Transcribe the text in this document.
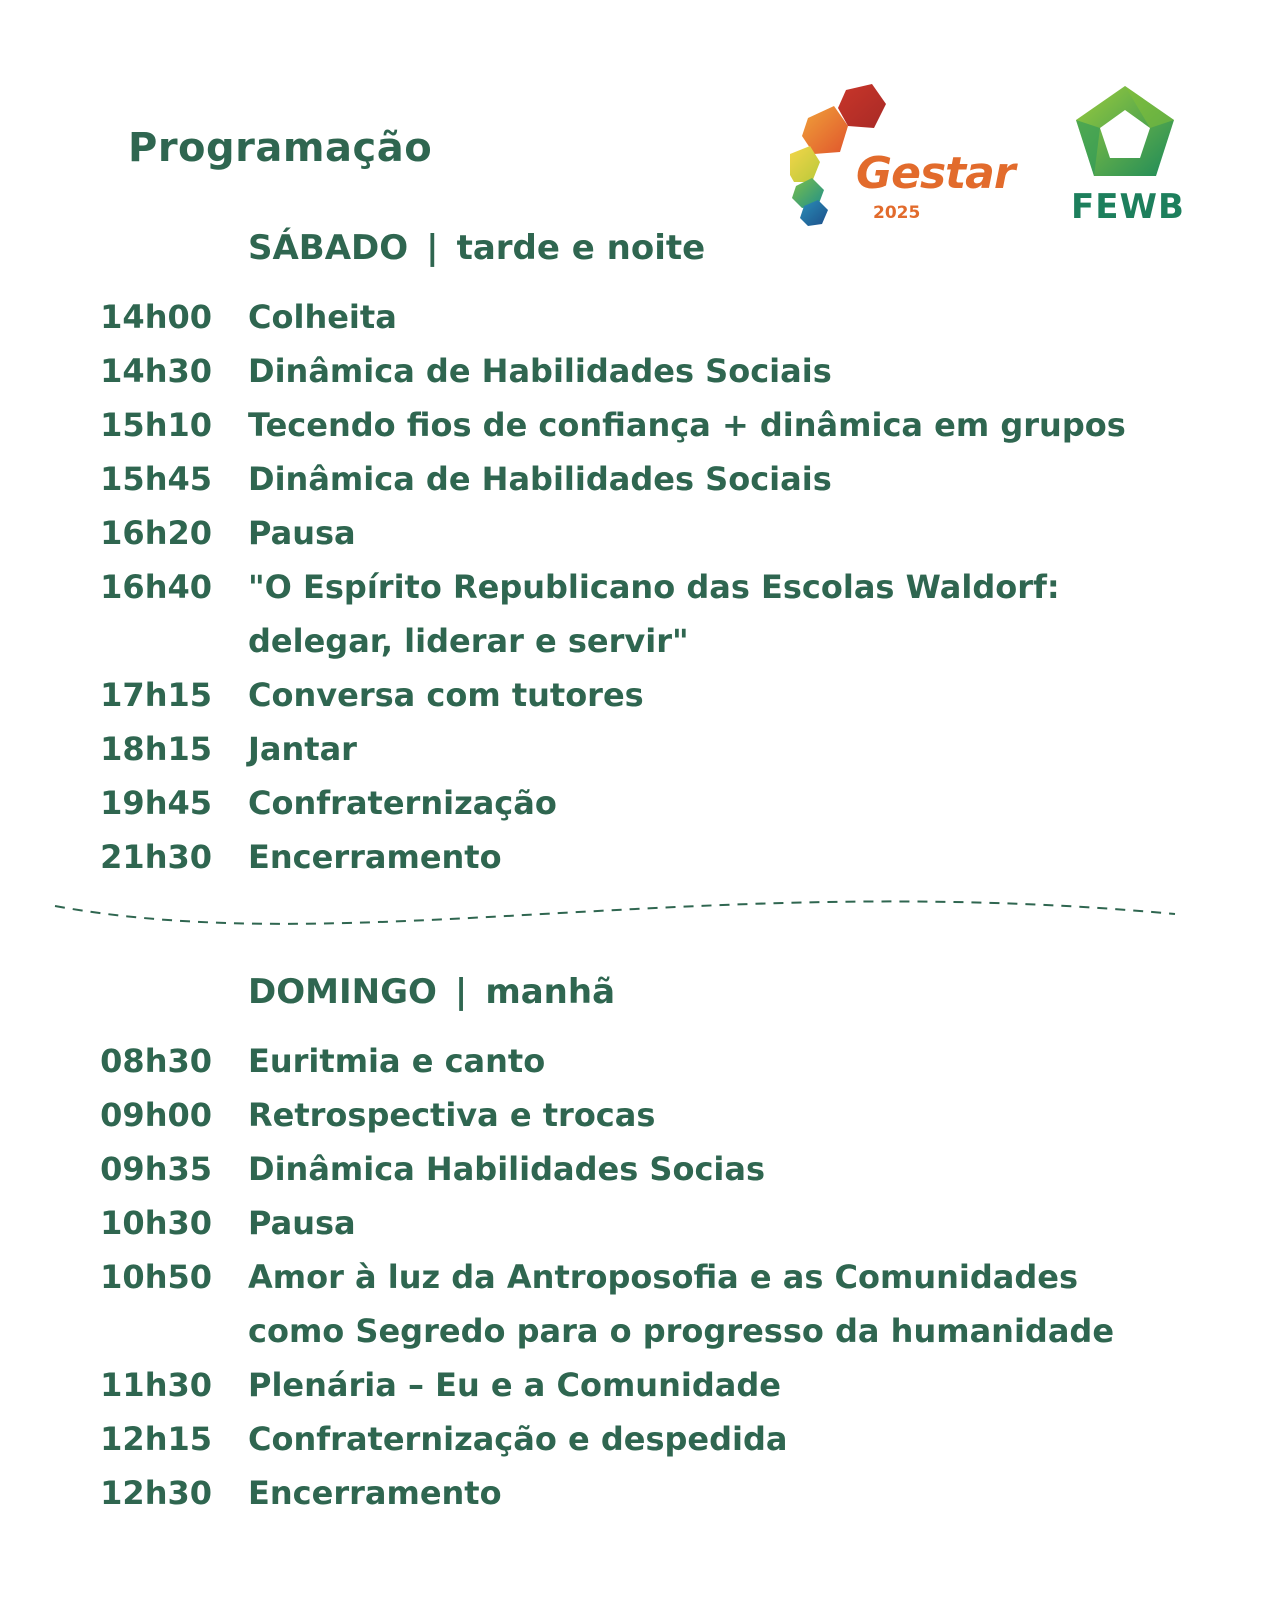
Programação	Gestar
2025	FEWB
SÁBADO | tarde e noite
14h00 Colheita
14h30 Dinâmica de Habilidades Sociais
15h10 Tecendo fios de confiança + dinâmica em grupos
15h45 Dinâmica de Habilidades Sociais
16h20 Pausa
16h40 "O Espírito Republicano das Escolas Waldorf:
delegar, liderar e servir"
17h15 Conversa com tutores
18h15 Jantar
19h45 Confraternização
21h30 Encerramento
DOMINGO | manhã
08h30 Euritmia e canto
09h00 Retrospectiva e trocas
09h35 Dinâmica Habilidades Socias
10h30 Pausa
10h50 Amor à luz da Antroposofia e as Comunidades
como Segredo para o progresso da humanidade
11h30 Plenária – Eu e a Comunidade
12h15 Confraternização e despedida
12h30 Encerramento
